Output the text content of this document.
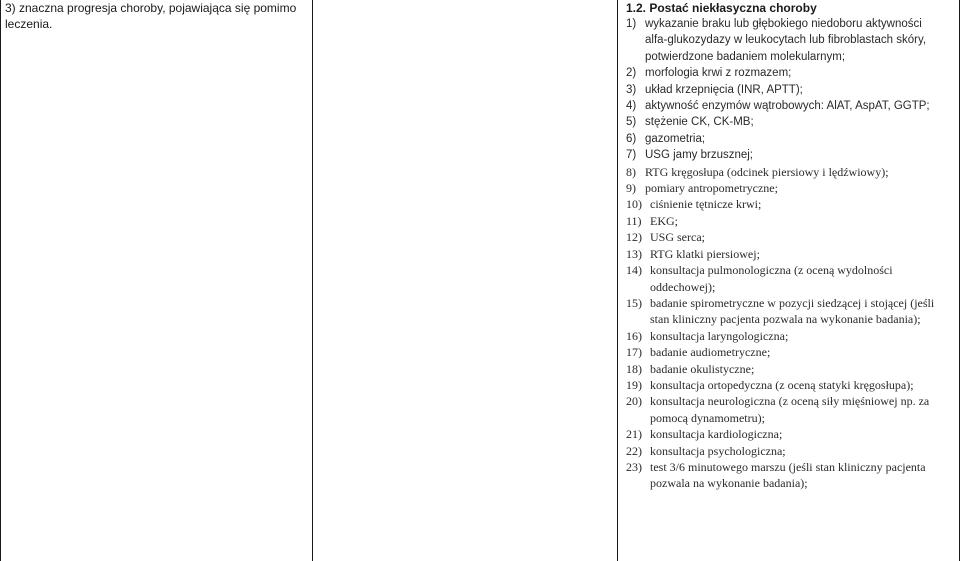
3) znaczna progresja choroby, pojawiająca się pomimo leczenia.
1.2. Postać niekłasyczna choroby
1) wykazanie braku lub głębokiego niedoboru aktywności alfa-glukozydazy w leukocytach lub fibroblastach skóry, potwierdzone badaniem molekularnym;
2) morfologia krwi z rozmazem;
3) układ krzepnięcia (INR, APTT);
4) aktywność enzymów wątrobowych: AlAT, AspAT, GGTP;
5) stężenie CK, CK-MB;
6) gazometria;
7) USG jamy brzusznej;
8) RTG kręgosłupa (odcinek piersiowy i lędźwiowy);
9) pomiary antropometryczne;
10) ciśnienie tętnicze krwi;
11) EKG;
12) USG serca;
13) RTG klatki piersiowej;
14) konsultacja pulmonologiczna (z oceną wydolności oddechowej);
15) badanie spirometryczne w pozycji siedzącej i stojącej (jeśli stan kliniczny pacjenta pozwala na wykonanie badania);
16) konsultacja laryngologiczna;
17) badanie audiometryczne;
18) badanie okulistyczne;
19) konsultacja ortopedyczna (z oceną statyki kręgosłupa);
20) konsultacja neurologiczna (z oceną siły mięśniowej np. za pomocą dynamometru);
21) konsultacja kardiologiczna;
22) konsultacja psychologiczna;
23) test 3/6 minutowego marszu (jeśli stan kliniczny pacjenta pozwala na wykonanie badania);
